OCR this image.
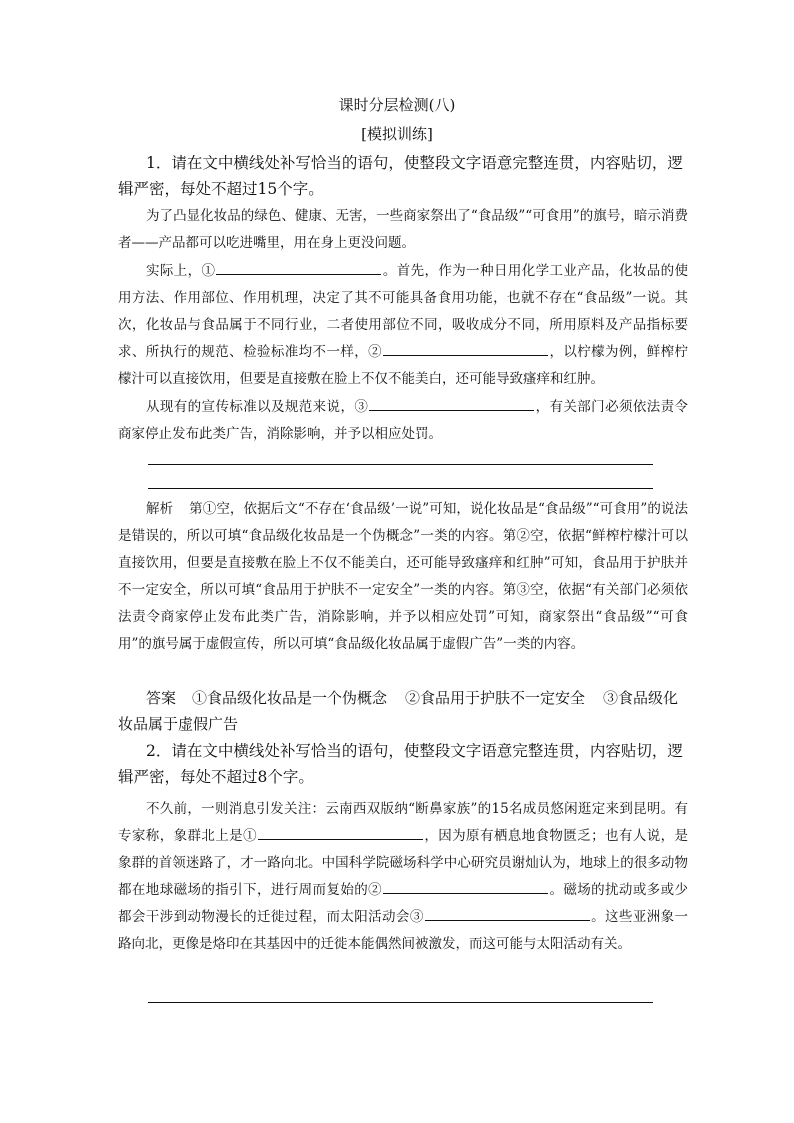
课时分层检测(八)
[模拟训练]
1．请在文中横线处补写恰当的语句，使整段文字语意完整连贯，内容贴切，逻辑严密，每处不超过15个字。
为了凸显化妆品的绿色、健康、无害，一些商家祭出了“食品级”“可食用”的旗号，暗示消费者——产品都可以吃进嘴里，用在身上更没问题。
实际上，①	。首先，作为一种日用化学工业产品，化妆品的使用方法、作用部位、作用机理，决定了其不可能具备食用功能，也就不存在“食品级”一说。其次，化妆品与食品属于不同行业，二者使用部位不同，吸收成分不同，所用原料及产品指标要求、所执行的规范、检验标准均不一样，②	，以柠檬为例，鲜榨柠檬汁可以直接饮用，但要是直接敷在脸上不仅不能美白，还可能导致瘙痒和红肿。
从现有的宣传标准以及规范来说，③	，有关部门必须依法责令商家停止发布此类广告，消除影响，并予以相应处罚。
解析 第①空，依据后文“不存在‘食品级’一说”可知，说化妆品是“食品级”“可食用”的说法是错误的，所以可填“食品级化妆品是一个伪概念”一类的内容。第②空，依据“鲜榨柠檬汁可以直接饮用，但要是直接敷在脸上不仅不能美白，还可能导致瘙痒和红肿”可知，食品用于护肤并不一定安全，所以可填“食品用于护肤不一定安全”一类的内容。第③空，依据“有关部门必须依法责令商家停止发布此类广告，消除影响，并予以相应处罚”可知，商家祭出“食品级”“可食用”的旗号属于虚假宣传，所以可填“食品级化妆品属于虚假广告”一类的内容。
答案 ①食品级化妆品是一个伪概念 ②食品用于护肤不一定安全 ③食品级化妆品属于虚假广告
2．请在文中横线处补写恰当的语句，使整段文字语意完整连贯，内容贴切，逻辑严密，每处不超过8个字。
不久前，一则消息引发关注：云南西双版纳“断鼻家族”的15名成员悠闲逛定来到昆明。有专家称，象群北上是①	，因为原有栖息地食物匮乏；也有人说，是象群的首领迷路了，才一路向北。中国科学院磁场科学中心研究员谢灿认为，地球上的很多动物都在地球磁场的指引下，进行周而复始的②	。磁场的扰动或多或少都会干涉到动物漫长的迁徙过程，而太阳活动会③	。这些亚洲象一路向北，更像是烙印在其基因中的迁徙本能偶然间被激发，而这可能与太阳活动有关。
